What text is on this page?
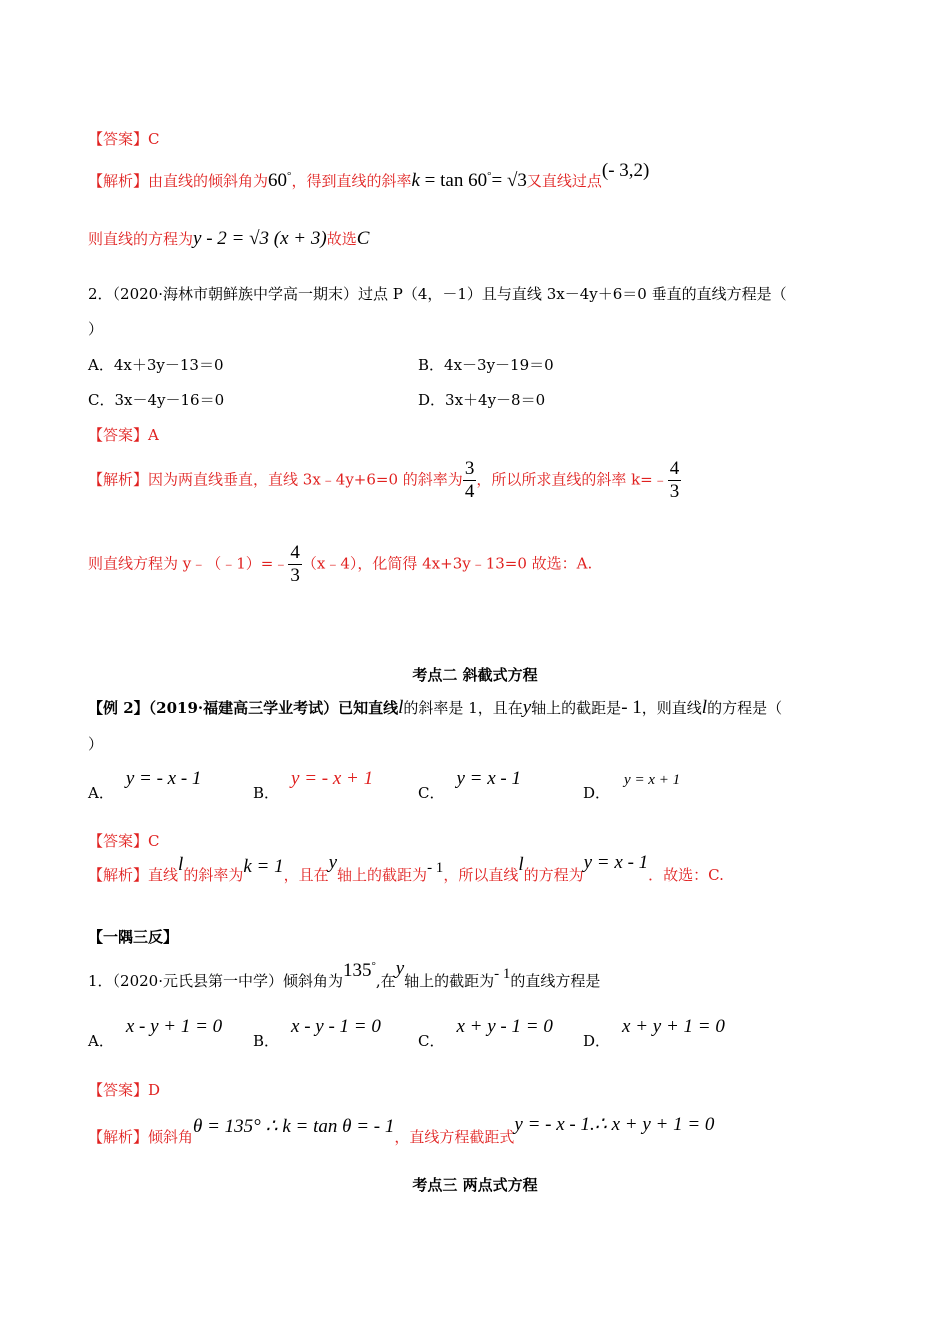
【答案】C
【解析】由直线的倾斜角为60°，得到直线的斜率k = tan 60°= √3又直线过点(- 3,2)
则直线的方程为y - 2 = √3 (x + 3)故选C
2．（2020·海林市朝鲜族中学高一期末）过点 P（4，－1）且与直线 3x－4y＋6＝0 垂直的直线方程是（
）
A．4x＋3y－13＝0	B．4x－3y－19＝0
C．3x－4y－16＝0	D．3x＋4y－8＝0
【答案】A
【解析】因为两直线垂直，直线 3x﹣4y+6=0 的斜率为 $\frac{3}{4}$ ，所以所求直线的斜率 k=﹣ $\frac{4}{3}$
则直线方程为 y﹣（﹣1）=﹣ $\frac{4}{3}$ （x﹣4），化简得 4x+3y﹣13=0 故选：A.
考点二 斜截式方程
【例 2】（2019·福建高三学业考试）已知直线l的斜率是 1，且在y轴上的截距是- 1，则直线l的方程是（
）
A．y = - x - 1
B．y = - x + 1
C．y = x - 1
D．y = x + 1
【答案】C
【解析】直线l的斜率为k = 1，且在y轴上的截距为- 1，所以直线l的方程为y = x - 1．故选：C.
【一隅三反】
1．（2020·元氏县第一中学）倾斜角为135°,在y轴上的截距为- 1的直线方程是
A．x - y + 1 = 0
B．x - y - 1 = 0
C．x + y - 1 = 0
D．x + y + 1 = 0
【答案】D
【解析】倾斜角θ = 135° ∴ k = tan θ = - 1，直线方程截距式y = - x - 1.∴ x + y + 1 = 0
考点三 两点式方程
